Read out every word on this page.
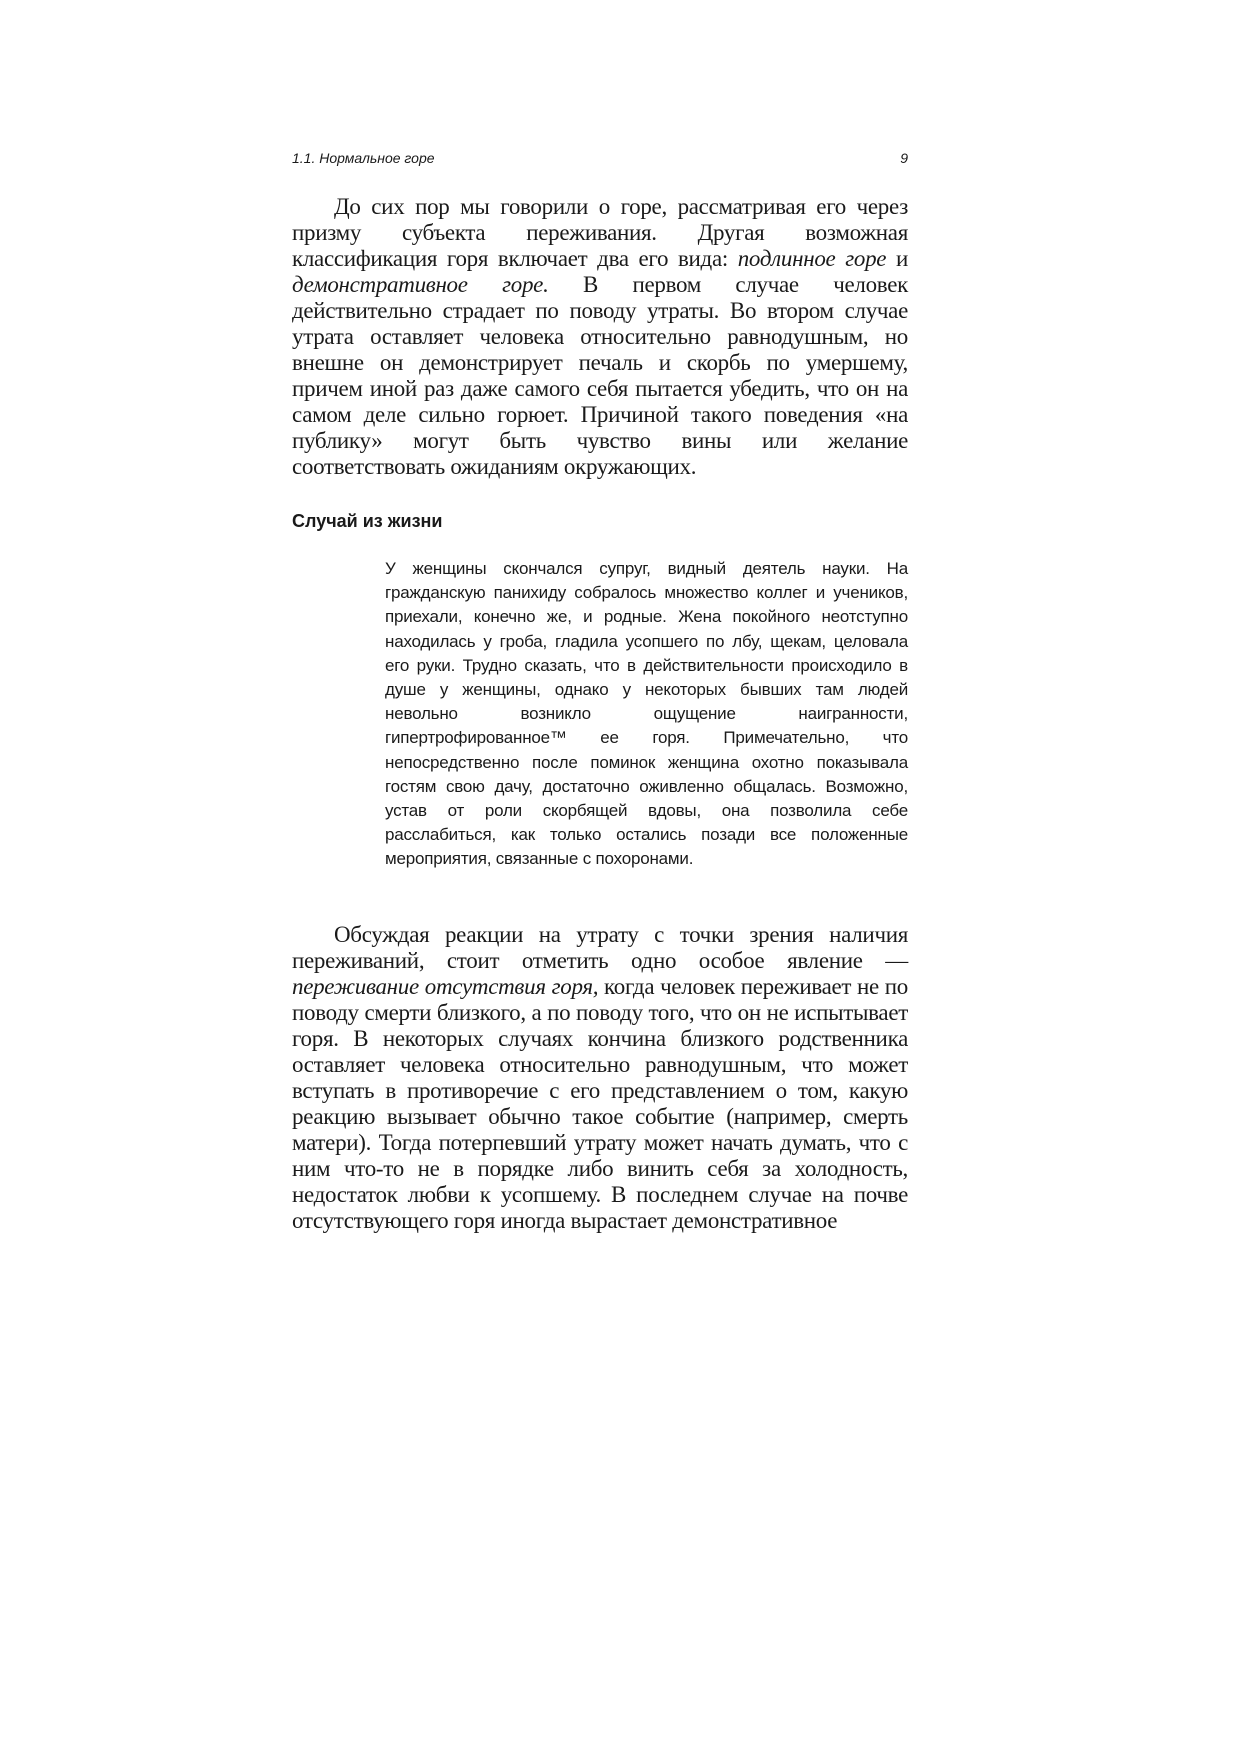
1.1. Нормальное горе	9

До сих пор мы говорили о горе, рассматривая его через призму субъекта переживания. Другая возможная классификация горя включает два его вида: подлинное горе и демонстративное горе. В первом случае человек действительно страдает по поводу утраты. Во втором случае утрата оставляет человека относительно равнодушным, но внешне он демонстрирует печаль и скорбь по умершему, причем иной раз даже самого себя пытается убедить, что он на самом деле сильно горюет. Причиной такого поведения «на публику» могут быть чувство вины или желание соответствовать ожиданиям окружающих.

Случай из жизни

У женщины скончался супруг, видный деятель науки. На гражданскую панихиду собралось множество коллег и учеников, приехали, конечно же, и родные. Жена покойного неотступно находилась у гроба, гладила усопшего по лбу, щекам, целовала его руки. Трудно сказать, что в действительности происходило в душе у женщины, однако у некоторых бывших там людей невольно возникло ощущение наигранности, гипертрофированное™ ее горя. Примечательно, что непосредственно после поминок женщина охотно показывала гостям свою дачу, достаточно оживленно общалась. Возможно, устав от роли скорбящей вдовы, она позволила себе расслабиться, как только остались позади все положенные мероприятия, связанные с похоронами.

Обсуждая реакции на утрату с точки зрения наличия переживаний, стоит отметить одно особое явление — переживание отсутствия горя, когда человек переживает не по поводу смерти близкого, а по поводу того, что он не испытывает горя. В некоторых случаях кончина близкого родственника оставляет человека относительно равнодушным, что может вступать в противоречие с его представлением о том, какую реакцию вызывает обычно такое событие (например, смерть матери). Тогда потерпевший утрату может начать думать, что с ним что-то не в порядке либо винить себя за холодность, недостаток любви к усопшему. В последнем случае на почве отсутствующего горя иногда вырастает демонстративное
